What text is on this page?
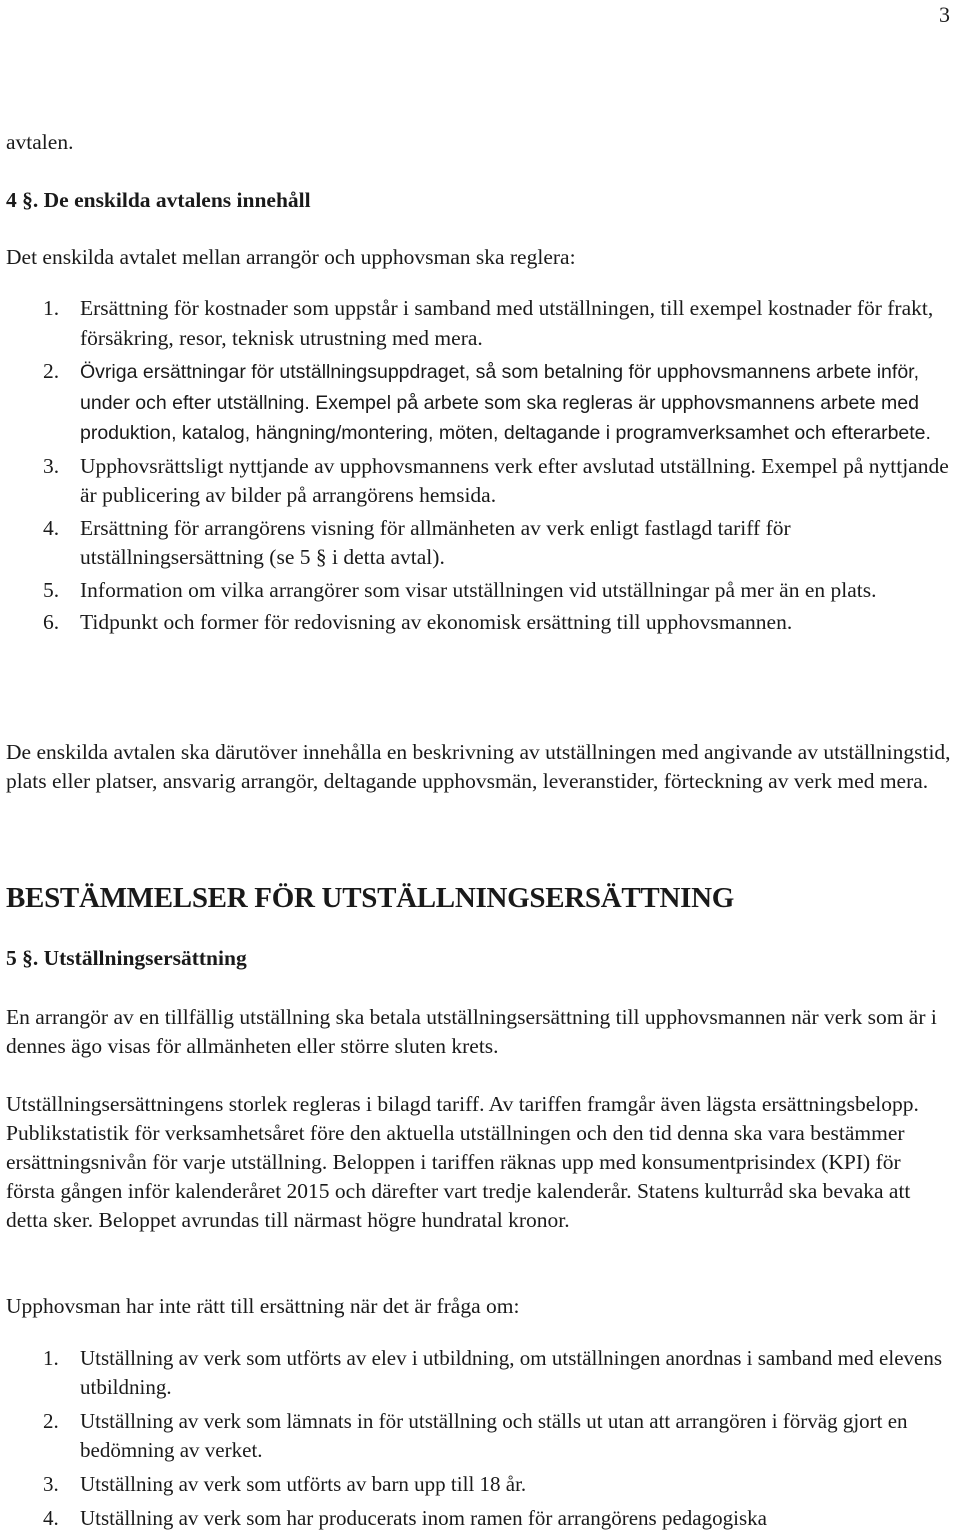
3

avtalen.

4 §. De enskilda avtalens innehåll

Det enskilda avtalet mellan arrangör och upphovsman ska reglera:

1. Ersättning för kostnader som uppstår i samband med utställningen, till exempel kostnader för frakt, försäkring, resor, teknisk utrustning med mera.
2. Övriga ersättningar för utställningsuppdraget, så som betalning för upphovsmannens arbete inför, under och efter utställning. Exempel på arbete som ska regleras är upphovsmannens arbete med produktion, katalog, hängning/montering, möten, deltagande i programverksamhet och efterarbete.
3. Upphovsrättsligt nyttjande av upphovsmannens verk efter avslutad utställning. Exempel på nyttjande är publicering av bilder på arrangörens hemsida.
4. Ersättning för arrangörens visning för allmänheten av verk enligt fastlagd tariff för utställningsersättning (se 5 § i detta avtal).
5. Information om vilka arrangörer som visar utställningen vid utställningar på mer än en plats.
6. Tidpunkt och former för redovisning av ekonomisk ersättning till upphovsmannen.

De enskilda avtalen ska därutöver innehålla en beskrivning av utställningen med angivande av utställningstid, plats eller platser, ansvarig arrangör, deltagande upphovsmän, leveranstider, förteckning av verk med mera.

BESTÄMMELSER FÖR UTSTÄLLNINGSERSÄTTNING

5 §. Utställningsersättning

En arrangör av en tillfällig utställning ska betala utställningsersättning till upphovsmannen när verk som är i dennes ägo visas för allmänheten eller större sluten krets.

Utställningsersättningens storlek regleras i bilagd tariff. Av tariffen framgår även lägsta ersättningsbelopp. Publikstatistik för verksamhetsåret före den aktuella utställningen och den tid denna ska vara bestämmer ersättningsnivån för varje utställning. Beloppen i tariffen räknas upp med konsumentprisindex (KPI) för första gången inför kalenderåret 2015 och därefter vart tredje kalenderår. Statens kulturråd ska bevaka att detta sker. Beloppet avrundas till närmast högre hundratal kronor.

Upphovsman har inte rätt till ersättning när det är fråga om:

1. Utställning av verk som utförts av elev i utbildning, om utställningen anordnas i samband med elevens utbildning.
2. Utställning av verk som lämnats in för utställning och ställs ut utan att arrangören i förväg gjort en bedömning av verket.
3. Utställning av verk som utförts av barn upp till 18 år.
4. Utställning av verk som har producerats inom ramen för arrangörens pedagogiska
